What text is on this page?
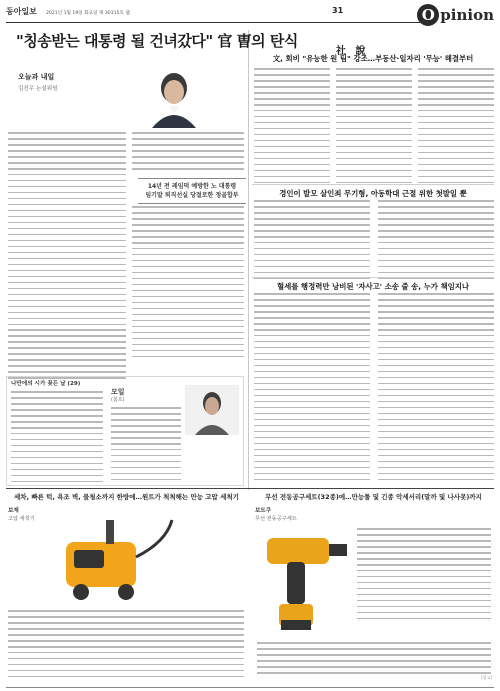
동아일보 2021년 1월 19일 화요일 제 30315호 웹	31	O pinion
"칭송받는 대통령 될 건녀갔다" 官 曺의 탄식
오늘과 내일
김진우 논설위원
14년 전 레임덕 예방한 노 대통령
임기말 퇴직선실 당절로한 정골합부
나만에의 시가 꽂든 날 (29)
모일
(봄호)
社 說
文, 회비 "유능한 원 팀" 강조…부동산·일자리 '무능' 해결부터
경인이 발모 살인죄 무기형, 아동학대 근절 위한 첫발일 뿐
혈세를 행정력만 낭비된 '자사고' 소송 줄 송, 누가 책임지나
세차, 빠른 턱, 욕조 벽, 물청소까지 한방에…원트가 척척해는 만능 고압 세척기
보제
고압 세척기
무선 전동공구세트(32종)에…만능툴 및 긴종 악세서리(말까 및 나사못)까지
보트쿠
무선 전동공구세트
[광고]
